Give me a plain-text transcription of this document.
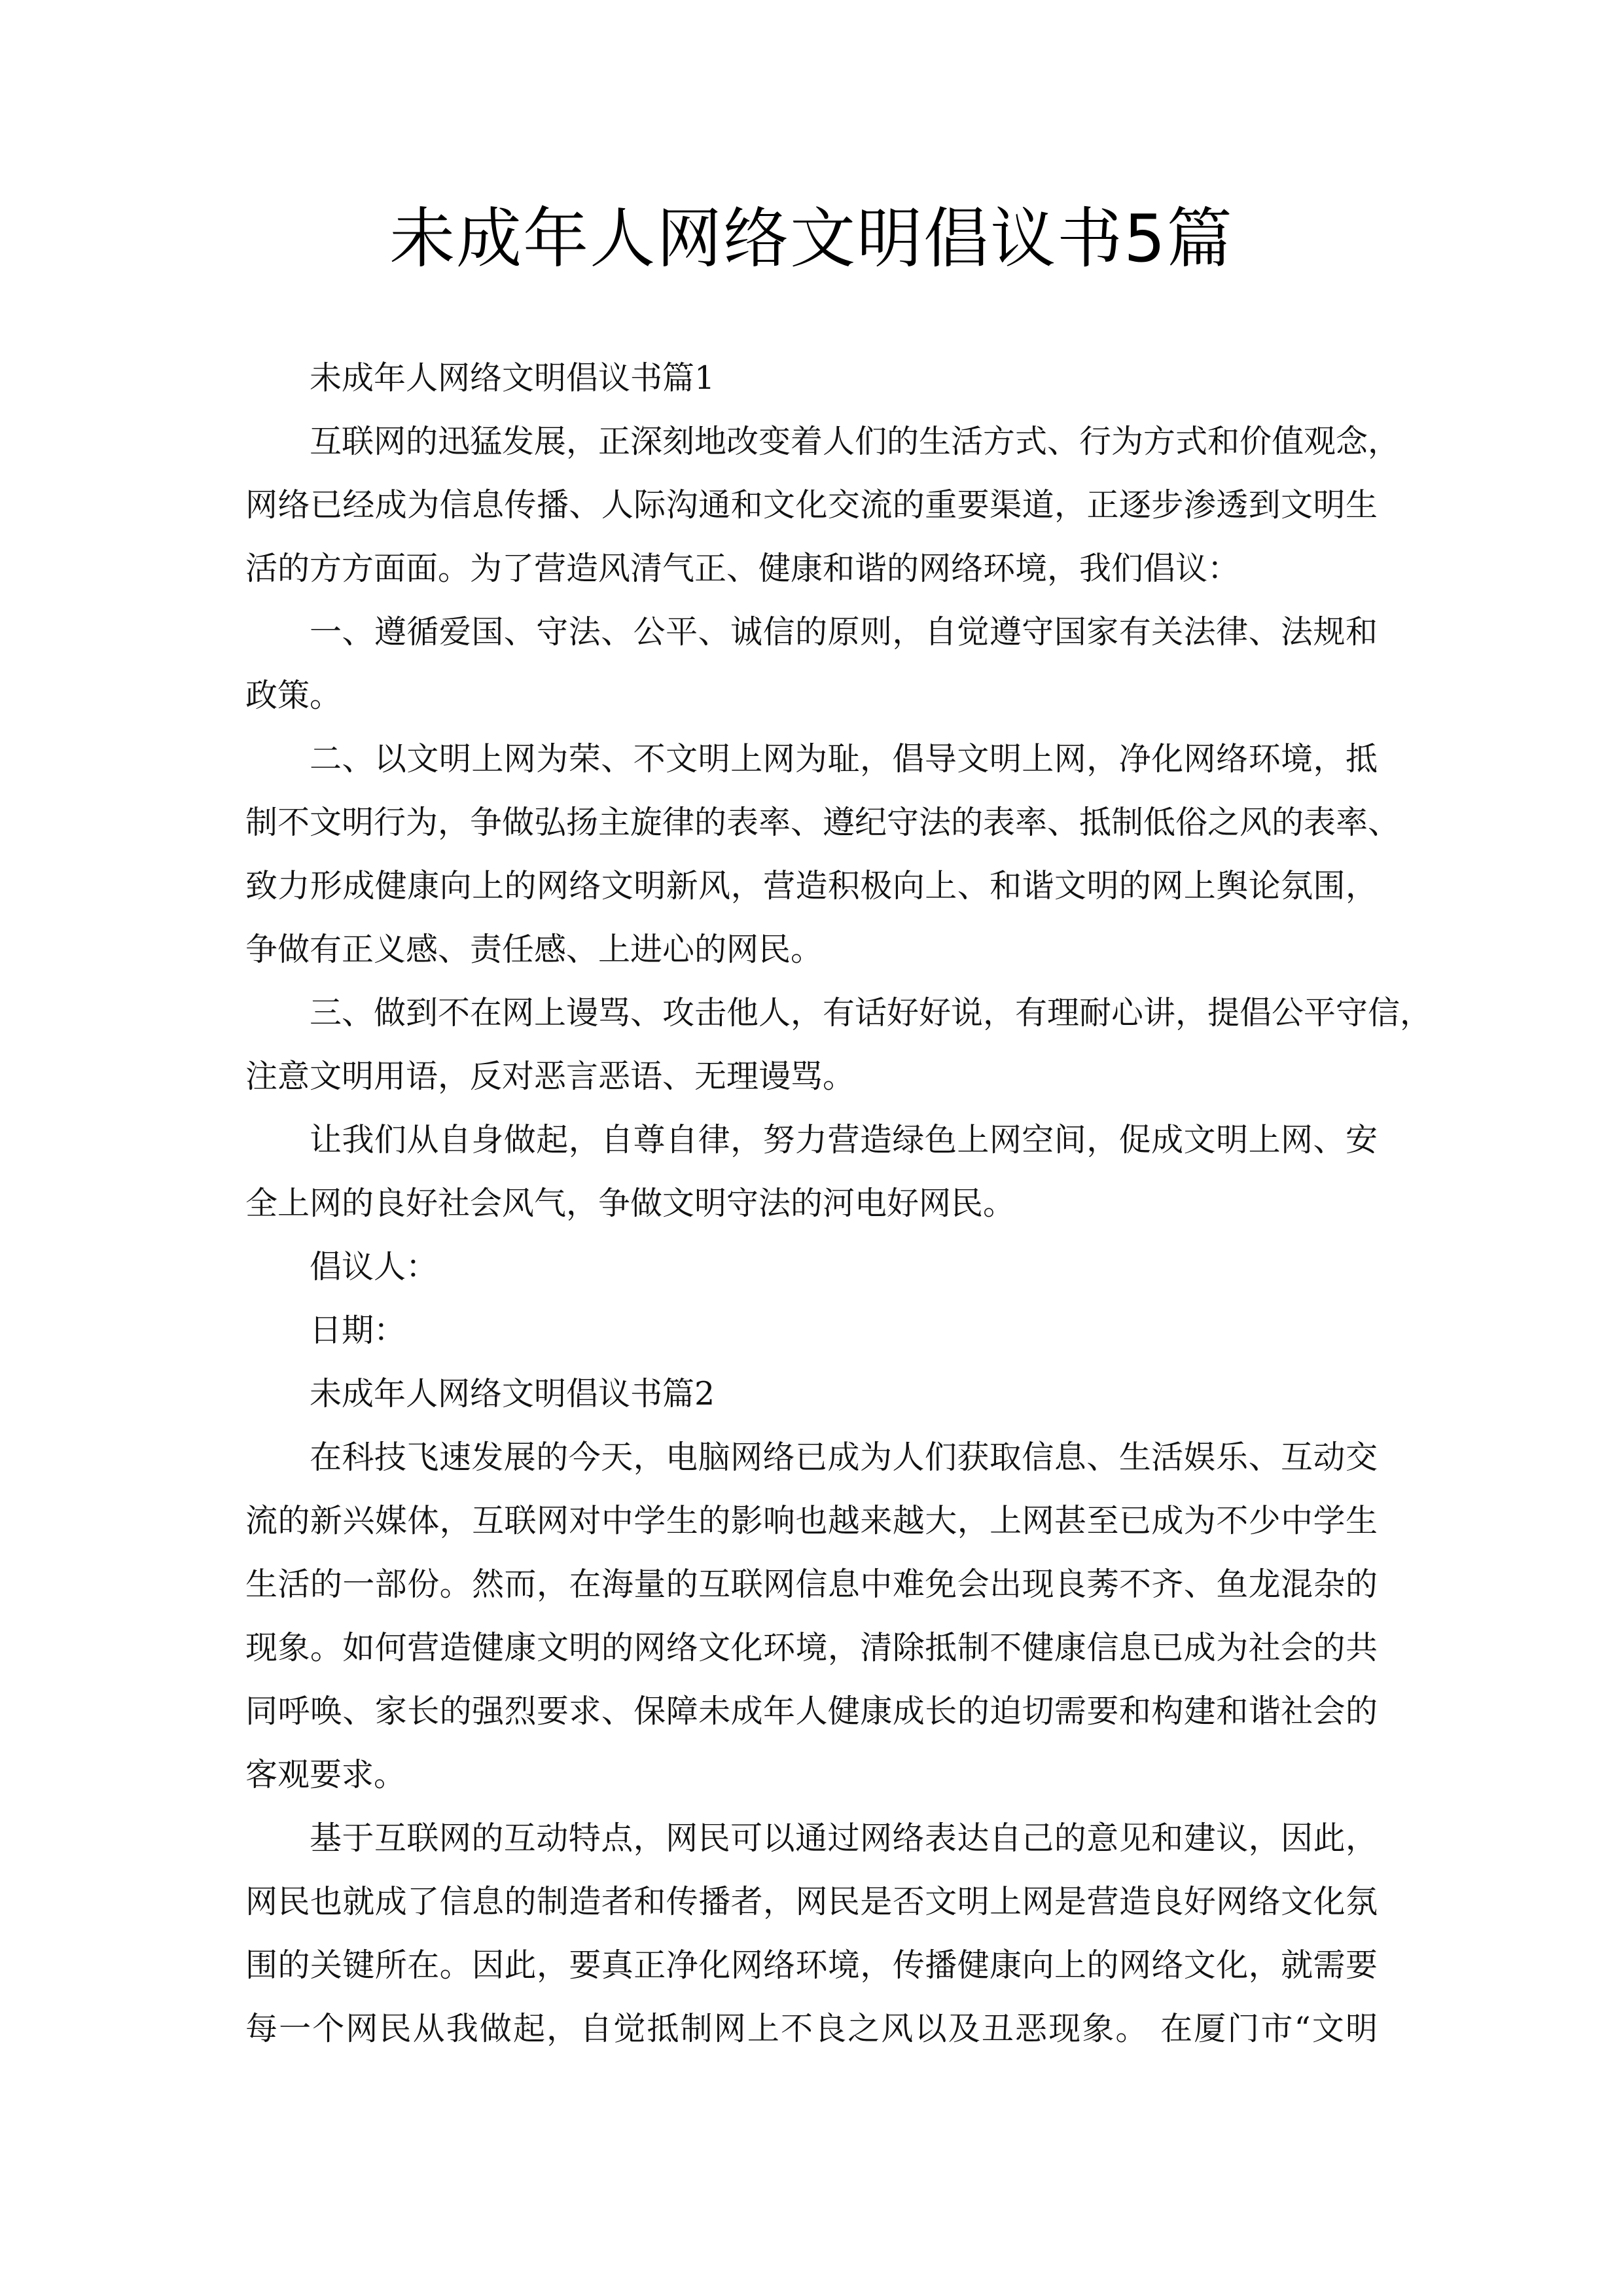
未成年人网络文明倡议书5篇
未成年人网络文明倡议书篇1
互联网的迅猛发展，正深刻地改变着人们的生活方式、行为方式和价值观念，
网络已经成为信息传播、人际沟通和文化交流的重要渠道，正逐步渗透到文明生
活的方方面面。为了营造风清气正、健康和谐的网络环境，我们倡议：
一、遵循爱国、守法、公平、诚信的原则，自觉遵守国家有关法律、法规和
政策。
二、以文明上网为荣、不文明上网为耻，倡导文明上网，净化网络环境，抵
制不文明行为，争做弘扬主旋律的表率、遵纪守法的表率、抵制低俗之风的表率、
致力形成健康向上的网络文明新风，营造积极向上、和谐文明的网上舆论氛围，
争做有正义感、责任感、上进心的网民。
三、做到不在网上谩骂、攻击他人，有话好好说，有理耐心讲，提倡公平守信，
注意文明用语，反对恶言恶语、无理谩骂。
让我们从自身做起，自尊自律，努力营造绿色上网空间，促成文明上网、安
全上网的良好社会风气，争做文明守法的河电好网民。
倡议人：
日期：
未成年人网络文明倡议书篇2
在科技飞速发展的今天，电脑网络已成为人们获取信息、生活娱乐、互动交
流的新兴媒体，互联网对中学生的影响也越来越大，上网甚至已成为不少中学生
生活的一部份。然而，在海量的互联网信息中难免会出现良莠不齐、鱼龙混杂的
现象。如何营造健康文明的网络文化环境，清除抵制不健康信息已成为社会的共
同呼唤、家长的强烈要求、保障未成年人健康成长的迫切需要和构建和谐社会的
客观要求。
基于互联网的互动特点，网民可以通过网络表达自己的意见和建议，因此，
网民也就成了信息的制造者和传播者，网民是否文明上网是营造良好网络文化氛
围的关键所在。因此，要真正净化网络环境，传播健康向上的网络文化，就需要
每一个网民从我做起，自觉抵制网上不良之风以及丑恶现象。 在厦门市“文明
